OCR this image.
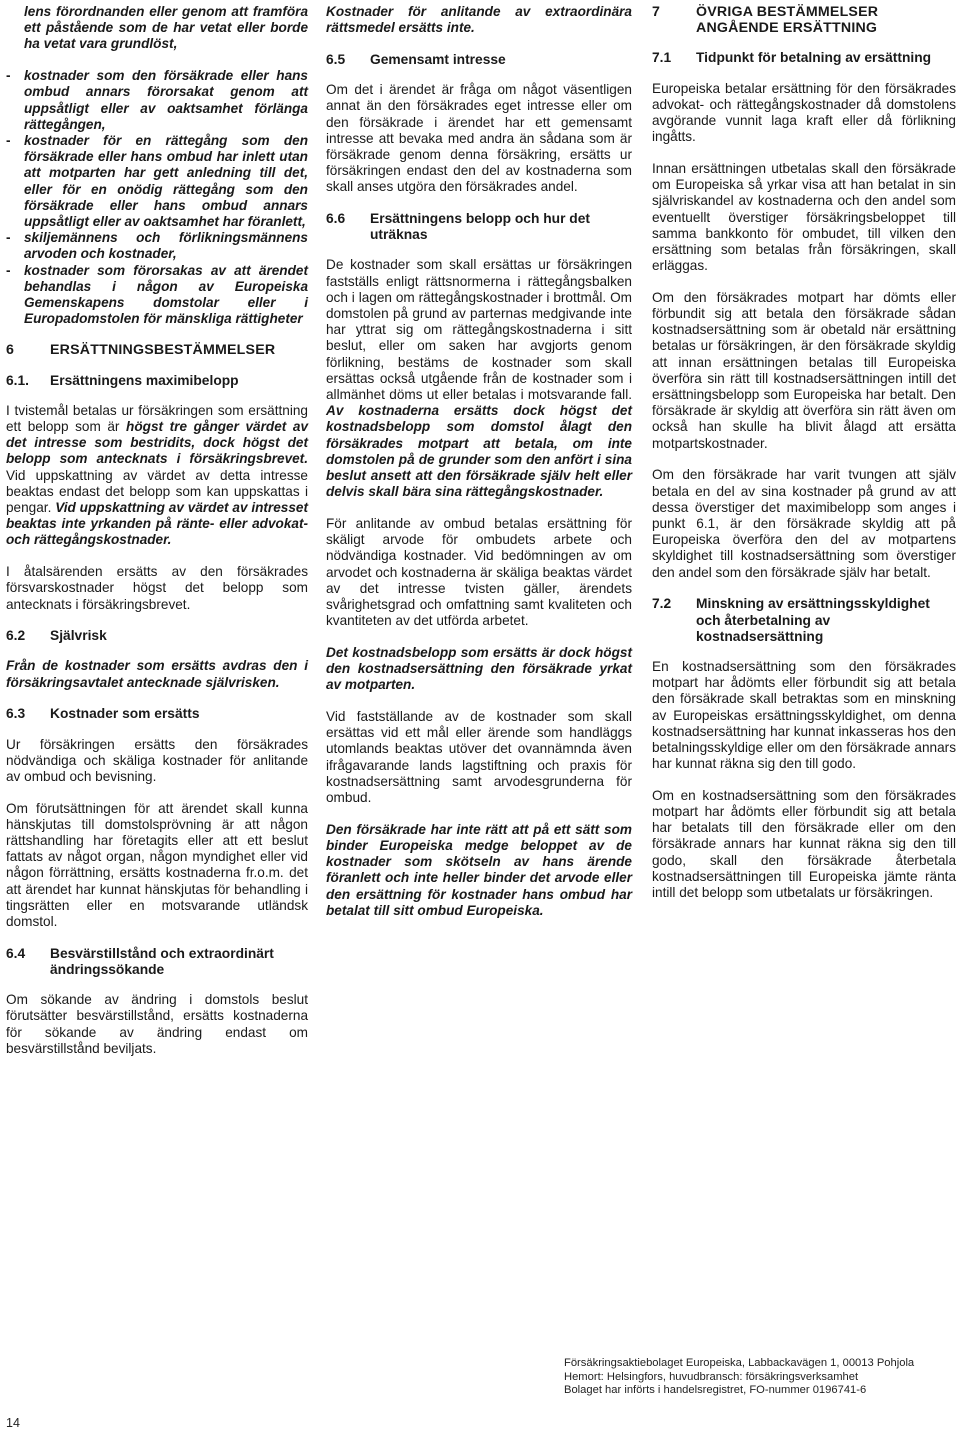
lens förordnanden eller genom att framföra ett påstående som de har vetat eller borde ha vetat vara grundlöst,

- kostnader som den försäkrade eller hans ombud annars förorsakat genom att uppsåtligt eller av oaktsamhet förlänga rättegången,
- kostnader för en rättegång som den försäkrade eller hans ombud har inlett utan att motparten har gett anledning till det, eller för en onödig rättegång som den försäkrade eller hans ombud annars uppsåtligt eller av oaktsamhet har föranlett,
- skiljemännens och förlikningsmännens arvoden och kostnader,
- kostnader som förorsakas av att ärendet behandlas i någon av Europeiska Gemenskapens domstolar eller i Europadomstolen för mänskliga rättigheter
6	ERSÄTTNINGSBESTÄMMELSER
6.1.	Ersättningens maximibelopp

I tvistemål betalas ur försäkringen som ersättning ett belopp som är högst tre gånger värdet av det intresse som bestridits, dock högst det belopp som antecknats i försäkringsbrevet. Vid uppskattning av värdet av detta intresse beaktas endast det belopp som kan uppskattas i pengar. Vid uppskattning av värdet av intresset beaktas inte yrkanden på ränte- eller advokat- och rättegångskostnader.

I åtalsärenden ersätts av den försäkrades försvarskostnader högst det belopp som antecknats i försäkringsbrevet.

6.2	Självrisk

Från de kostnader som ersätts avdras den i försäkringsavtalet antecknade självrisken.

6.3	Kostnader som ersätts

Ur försäkringen ersätts den försäkrades nödvändiga och skäliga kostnader för anlitande av ombud och bevisning.

Om förutsättningen för att ärendet skall kunna hänskjutas till domstolsprövning är att någon rättshandling har företagits eller att ett beslut fattats av något organ, någon myndighet eller vid någon förrättning, ersätts kostnaderna fr.o.m. det att ärendet har kunnat hänskjutas för behandling i tingsrätten eller en motsvarande utländsk domstol.

6.4	Besvärstillstånd och extraordinärt ändringssökande

Om sökande av ändring i domstols beslut förutsätter besvärstillstånd, ersätts kostnaderna för sökande av ändring endast om besvärstillstånd beviljats.

Kostnader för anlitande av extraordinära rättsmedel ersätts inte.

6.5	Gemensamt intresse

Om det i ärendet är fråga om något väsentligen annat än den försäkrades eget intresse eller om den försäkrade i ärendet har ett gemensamt intresse att bevaka med andra än sådana som är försäkrade genom denna försäkring, ersätts ur försäkringen endast den del av kostnaderna som skall anses utgöra den försäkrades andel.

6.6	Ersättningens belopp och hur det uträknas

De kostnader som skall ersättas ur försäkringen fastställs enligt rättsnormerna i rättegångsbalken och i lagen om rättegångskostnader i brottmål. Om domstolen på grund av parternas medgivande inte har yttrat sig om rättegångskostnaderna i sitt beslut, eller om saken har avgjorts genom förlikning, bestäms de kostnader som skall ersättas också utgående från de kostnader som i allmänhet döms ut eller betalas i motsvarande fall. Av kostnaderna ersätts dock högst det kostnadsbelopp som domstol ålagt den försäkrades motpart att betala, om inte domstolen på de grunder som den anfört i sina beslut ansett att den försäkrade själv helt eller delvis skall bära sina rättegångskostnader.

För anlitande av ombud betalas ersättning för skäligt arvode för ombudets arbete och nödvändiga kostnader. Vid bedömningen av om arvodet och kostnaderna är skäliga beaktas värdet av det intresse tvisten gäller, ärendets svårighetsgrad och omfattning samt kvaliteten och kvantiteten av det utförda arbetet.

Det kostnadsbelopp som ersätts är dock högst den kostnadsersättning den försäkrade yrkat av motparten.

Vid fastställande av de kostnader som skall ersättas vid ett mål eller ärende som handläggs utomlands beaktas utöver det ovannämnda även ifrågavarande lands lagstiftning och praxis för kostnadsersättning samt arvodesgrunderna för ombud.

Den försäkrade har inte rätt att på ett sätt som binder Europeiska medge beloppet av de kostnader som skötseln av hans ärende föranlett och inte heller binder det arvode eller den ersättning för kostnader hans ombud har betalat till sitt ombud Europeiska.

7	ÖVRIGA BESTÄMMELSER ANGÅENDE ERSÄTTNING
7.1	Tidpunkt för betalning av ersättning

Europeiska betalar ersättning för den försäkrades advokat- och rättegångskostnader då domstolens avgörande vunnit laga kraft eller då förlikning ingåtts.

Innan ersättningen utbetalas skall den försäkrade om Europeiska så yrkar visa att han betalat in sin självriskandel av kostnaderna och den andel som eventuellt överstiger försäkringsbeloppet till samma bankkonto för ombudet, till vilken den ersättning som betalas från försäkringen, skall erläggas.

Om den försäkrades motpart har dömts eller förbundit sig att betala den försäkrade sådan kostnadsersättning som är obetald när ersättning betalas ur försäkringen, är den försäkrade skyldig att innan ersättningen betalas till Europeiska överföra sin rätt till kostnadsersättningen intill det ersättningsbelopp som Europeiska har betalt. Den försäkrade är skyldig att överföra sin rätt även om också han skulle ha blivit ålagd att ersätta motpartskostnader.

Om den försäkrade har varit tvungen att själv betala en del av sina kostnader på grund av att dessa överstiger det maximibelopp som anges i punkt 6.1, är den försäkrade skyldig att på Europeiska överföra den del av motpartens skyldighet till kostnadsersättning som överstiger den andel som den försäkrade själv har betalt.

7.2	Minskning av ersättningsskyldighet och återbetalning av kostnadsersättning

En kostnadsersättning som den försäkrades motpart har ådömts eller förbundit sig att betala den försäkrade skall betraktas som en minskning av Europeiskas ersättningsskyldighet, om denna kostnadsersättning har kunnat inkasseras hos den betalningsskyldige eller om den försäkrade annars har kunnat räkna sig den till godo.

Om en kostnadsersättning som den försäkrades motpart har ådömts eller förbundit sig att betala har betalats till den försäkrade eller om den försäkrade annars har kunnat räkna sig den till godo, skall den försäkrade återbetala kostnadsersättningen till Europeiska jämte ränta intill det belopp som utbetalats ur försäkringen.

Försäkringsaktiebolaget Europeiska, Labbackavägen 1, 00013 Pohjola
Hemort: Helsingfors, huvudbransch: försäkringsverksamhet
Bolaget har införts i handelsregistret, FO-nummer 0196741-6
14
